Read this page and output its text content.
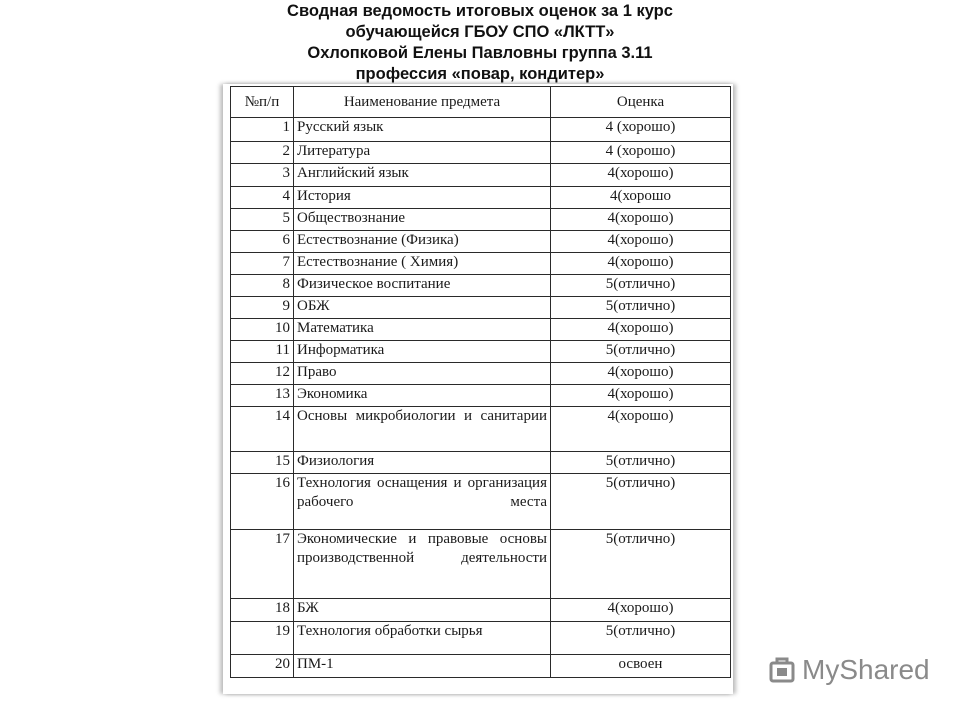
Сводная ведомость итоговых оценок за 1 курс
обучающейся ГБОУ СПО «ЛКТТ»
Охлопковой Елены Павловны группа 3.11
профессия «повар, кондитер»
№п/п	Наименование предмета	Оценка
1	Русский язык	4 (хорошо)
2	Литература	4 (хорошо)
3	Английский язык	4(хорошо)
4	История	4(хорошо
5	Обществознание	4(хорошо)
6	Естествознание (Физика)	4(хорошо)
7	Естествознание ( Химия)	4(хорошо)
8	Физическое воспитание	5(отлично)
9	ОБЖ	5(отлично)
10	Математика	4(хорошо)
11	Информатика	5(отлично)
12	Право	4(хорошо)
13	Экономика	4(хорошо)
14	Основы микробиологии и санитарии	4(хорошо)
15	Физиология	5(отлично)
16	Технология оснащения и организация рабочего места	5(отлично)
17	Экономические и правовые основы производственной деятельности	5(отлично)
18	БЖ	4(хорошо)
19	Технология обработки сырья	5(отлично)
20	ПМ-1	освоен	MyShared
